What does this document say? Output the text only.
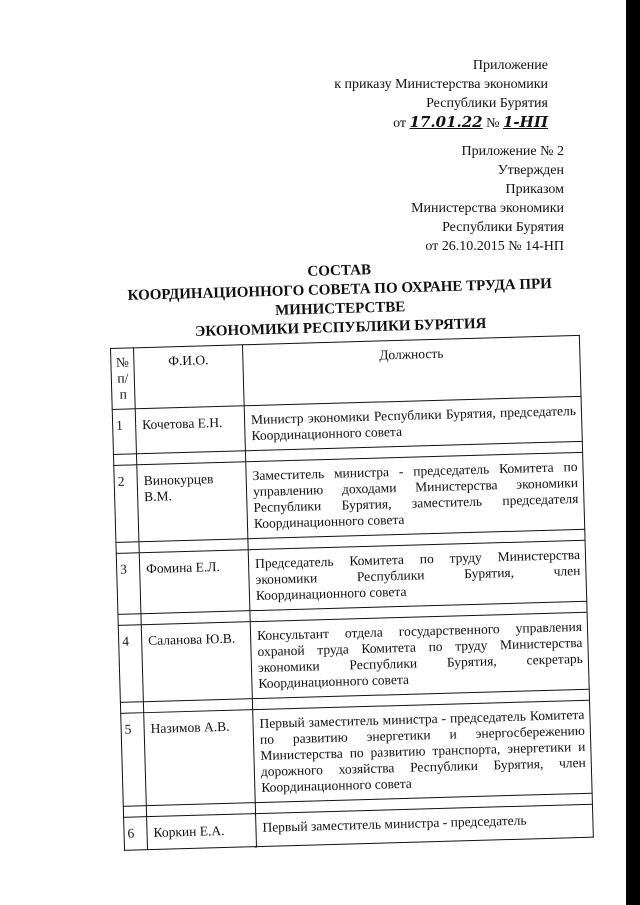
Приложение
к приказу Министерства экономики
Республики Бурятия
от 17.01.22 № 1-НП
Приложение № 2
Утвержден
Приказом
Министерства экономики
Республики Бурятия
от 26.10.2015 № 14-НП
СОСТАВ
КООРДИНАЦИОННОГО СОВЕТА ПО ОХРАНЕ ТРУДА ПРИ
МИНИСТЕРСТВЕ
ЭКОНОМИКИ РЕСПУБЛИКИ БУРЯТИЯ
№ п/п	Ф.И.О.	Должность
1	Кочетова Е.Н.	Министр экономики Республики Бурятия, председатель Координационного совета

2	Винокурцев В.М.	Заместитель министра - председатель Комитета по управлению доходами Министерства экономики Республики Бурятия, заместитель председателя Координационного совета

3	Фомина Е.Л.	Председатель Комитета по труду Министерства экономики Республики Бурятия, член Координационного совета

4	Саланова Ю.В.	Консультант отдела государственного управления охраной труда Комитета по труду Министерства экономики Республики Бурятия, секретарь Координационного совета

5	Назимов А.В.	Первый заместитель министра - председатель Комитета по развитию энергетики и энергосбережению Министерства по развитию транспорта, энергетики и дорожного хозяйства Республики Бурятия, член Координационного совета

6	Коркин Е.А.	Первый заместитель министра - председатель
